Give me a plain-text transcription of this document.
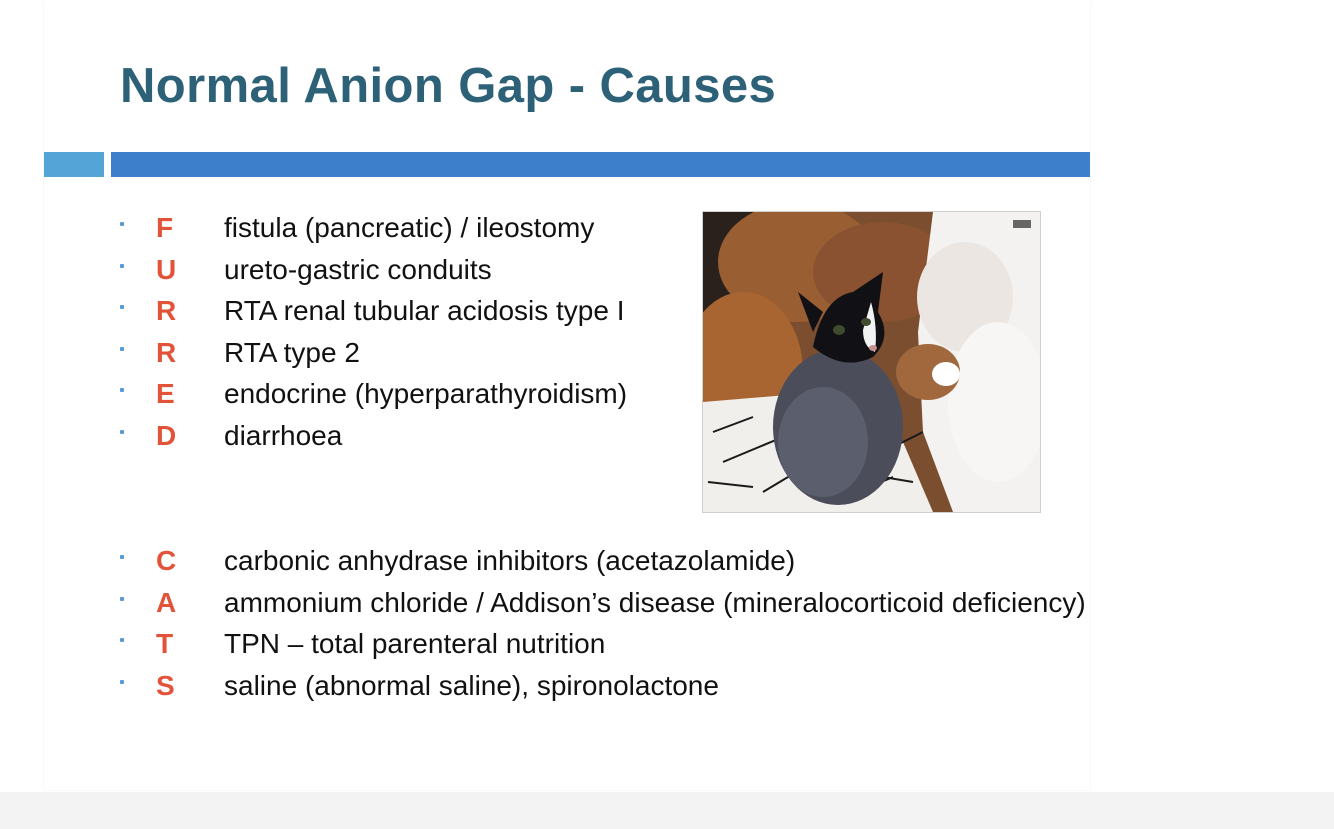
Normal Anion Gap - Causes
F fistula (pancreatic) / ileostomy
U ureto-gastric conduits
R RTA renal tubular acidosis type I
R RTA type 2
E endocrine (hyperparathyroidism)
D diarrhoea
C carbonic anhydrase inhibitors (acetazolamide)
A ammonium chloride / Addison’s disease (mineralocorticoid deficiency)
T TPN – total parenteral nutrition
S saline (abnormal saline), spironolactone
